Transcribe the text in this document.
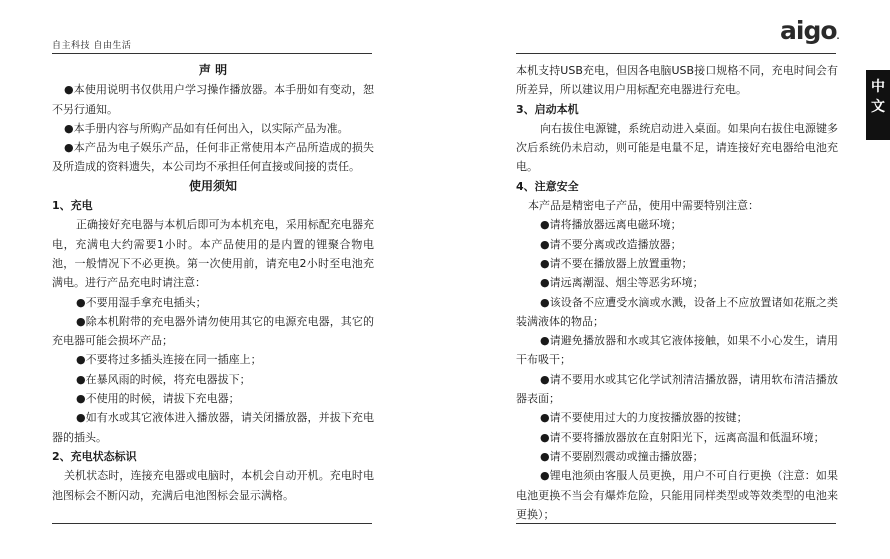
自主科技 自由生活
aigo.
中文

声 明

●本使用说明书仅供用户学习操作播放器。本手册如有变动，恕不另行通知。

●本手册内容与所购产品如有任何出入，以实际产品为准。

●本产品为电子娱乐产品，任何非正常使用本产品所造成的损失及所造成的资料遗失，本公司均不承担任何直接或间接的责任。

使用须知

1、充电

正确接好充电器与本机后即可为本机充电，采用标配充电器充电，充满电大约需要1小时。本产品使用的是内置的锂聚合物电池，一般情况下不必更换。第一次使用前，请充电2小时至电池充满电。进行产品充电时请注意：

●不要用湿手拿充电插头；

●除本机附带的充电器外请勿使用其它的电源充电器，其它的充电器可能会损坏产品；

●不要将过多插头连接在同一插座上；

●在暴风雨的时候，将充电器拔下；

●不使用的时候，请拔下充电器；

●如有水或其它液体进入播放器，请关闭播放器，并拔下充电器的插头。

2、充电状态标识

关机状态时，连接充电器或电脑时，本机会自动开机。充电时电池图标会不断闪动，充满后电池图标会显示满格。

本机支持USB充电，但因各电脑USB接口规格不同，充电时间会有所差异，所以建议用户用标配充电器进行充电。

3、启动本机

向右拔住电源键，系统启动进入桌面。如果向右拔住电源键多次后系统仍未启动，则可能是电量不足，请连接好充电器给电池充电。

4、注意安全

本产品是精密电子产品，使用中需要特别注意：

●请将播放器远离电磁环境；

●请不要分离或改造播放器；

●请不要在播放器上放置重物；

●请远离潮湿、烟尘等恶劣环境；

●该设备不应遭受水滴或水溅，设备上不应放置诸如花瓶之类装满液体的物品；

●请避免播放器和水或其它液体接触，如果不小心发生，请用干布吸干；

●请不要用水或其它化学试剂清洁播放器，请用软布清洁播放器表面；

●请不要使用过大的力度按播放器的按键；

●请不要将播放器放在直射阳光下，远离高温和低温环境；

●请不要剧烈震动或撞击播放器；

●锂电池须由客服人员更换，用户不可自行更换（注意：如果电池更换不当会有爆炸危险，只能用同样类型或等效类型的电池来更换）；
